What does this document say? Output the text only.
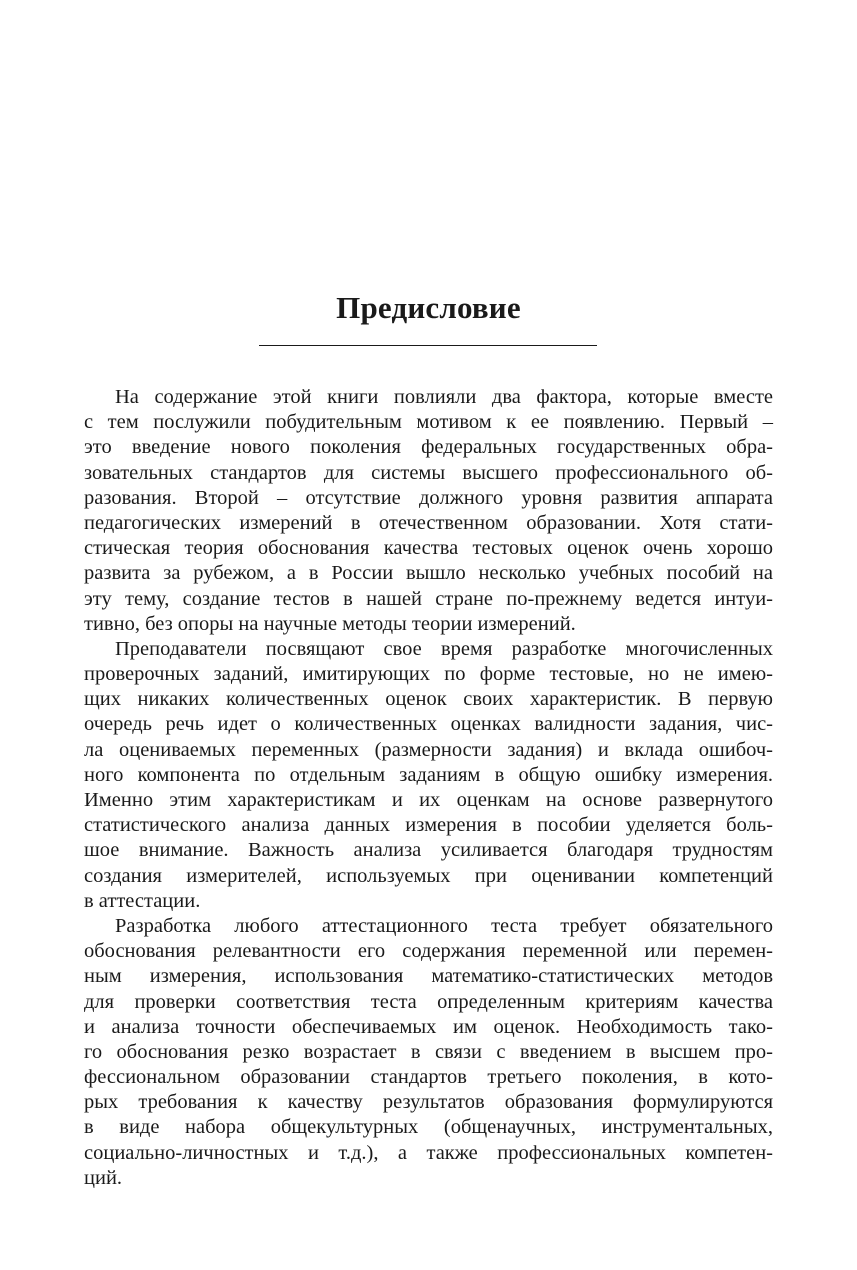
Предисловие
На содержание этой книги повлияли два фактора, которые вместе
с тем послужили побудительным мотивом к ее появлению. Первый –
это введение нового поколения федеральных государственных обра-
зовательных стандартов для системы высшего профессионального об-
разования. Второй – отсутствие должного уровня развития аппарата
педагогических измерений в отечественном образовании. Хотя стати-
стическая теория обоснования качества тестовых оценок очень хорошо
развита за рубежом, а в России вышло несколько учебных пособий на
эту тему, создание тестов в нашей стране по-прежнему ведется интуи-
тивно, без опоры на научные методы теории измерений.
Преподаватели посвящают свое время разработке многочисленных
проверочных заданий, имитирующих по форме тестовые, но не имею-
щих никаких количественных оценок своих характеристик. В первую
очередь речь идет о количественных оценках валидности задания, чис-
ла оцениваемых переменных (размерности задания) и вклада ошибоч-
ного компонента по отдельным заданиям в общую ошибку измерения.
Именно этим характеристикам и их оценкам на основе развернутого
статистического анализа данных измерения в пособии уделяется боль-
шое внимание. Важность анализа усиливается благодаря трудностям
создания измерителей, используемых при оценивании компетенций
в аттестации.
Разработка любого аттестационного теста требует обязательного
обоснования релевантности его содержания переменной или перемен-
ным измерения, использования математико-статистических методов
для проверки соответствия теста определенным критериям качества
и анализа точности обеспечиваемых им оценок. Необходимость тако-
го обоснования резко возрастает в связи с введением в высшем про-
фессиональном образовании стандартов третьего поколения, в кото-
рых требования к качеству результатов образования формулируются
в виде набора общекультурных (общенаучных, инструментальных,
социально-личностных и т.д.), а также профессиональных компетен-
ций.
